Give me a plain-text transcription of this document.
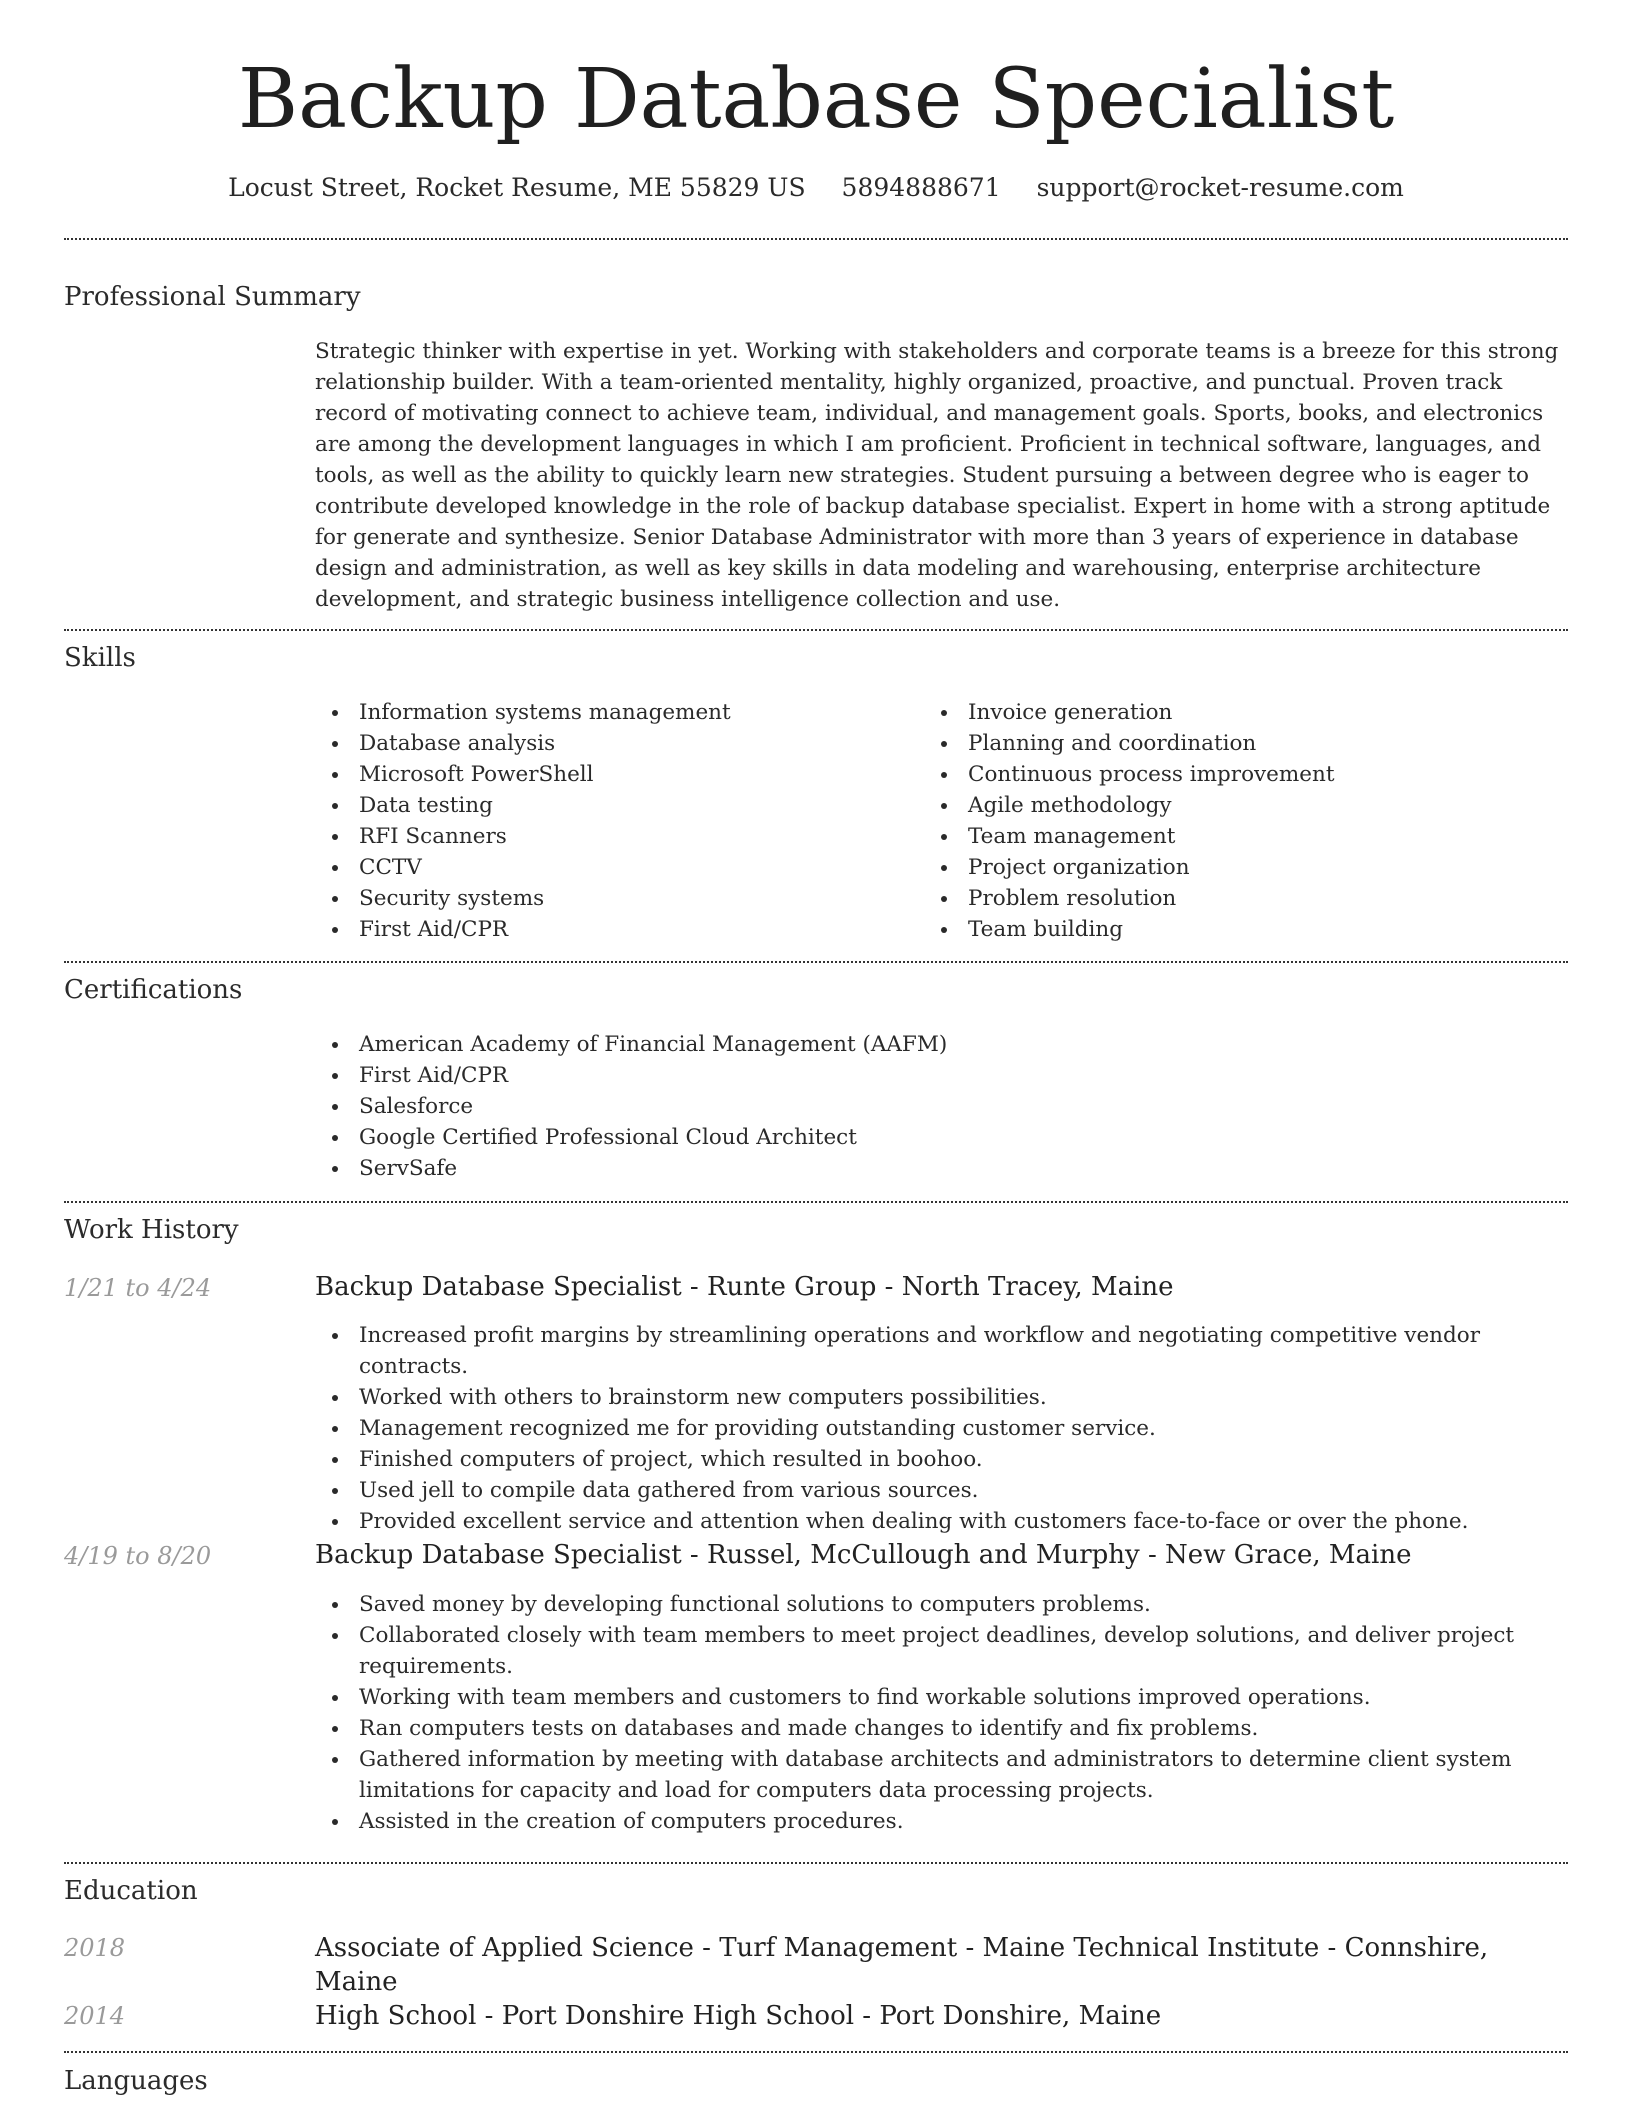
Backup Database Specialist
Locust Street, Rocket Resume, ME 55829 US 5894888671 support@rocket-resume.com
Professional Summary
Strategic thinker with expertise in yet. Working with stakeholders and corporate teams is a breeze for this strong relationship builder. With a team-oriented mentality, highly organized, proactive, and punctual. Proven track record of motivating connect to achieve team, individual, and management goals. Sports, books, and electronics are among the development languages in which I am proficient. Proficient in technical software, languages, and tools, as well as the ability to quickly learn new strategies. Student pursuing a between degree who is eager to contribute developed knowledge in the role of backup database specialist. Expert in home with a strong aptitude for generate and synthesize. Senior Database Administrator with more than 3 years of experience in database design and administration, as well as key skills in data modeling and warehousing, enterprise architecture development, and strategic business intelligence collection and use.
Skills
Information systems management
Database analysis
Microsoft PowerShell
Data testing
RFI Scanners
CCTV
Security systems
First Aid/CPR
Invoice generation
Planning and coordination
Continuous process improvement
Agile methodology
Team management
Project organization
Problem resolution
Team building
Certifications
American Academy of Financial Management (AAFM)
First Aid/CPR
Salesforce
Google Certified Professional Cloud Architect
ServSafe
Work History
1/21 to 4/24	Backup Database Specialist - Runte Group - North Tracey, Maine
Increased profit margins by streamlining operations and workflow and negotiating competitive vendor contracts.
Worked with others to brainstorm new computers possibilities.
Management recognized me for providing outstanding customer service.
Finished computers of project, which resulted in boohoo.
Used jell to compile data gathered from various sources.
Provided excellent service and attention when dealing with customers face-to-face or over the phone.
4/19 to 8/20	Backup Database Specialist - Russel, McCullough and Murphy - New Grace, Maine
Saved money by developing functional solutions to computers problems.
Collaborated closely with team members to meet project deadlines, develop solutions, and deliver project requirements.
Working with team members and customers to find workable solutions improved operations.
Ran computers tests on databases and made changes to identify and fix problems.
Gathered information by meeting with database architects and administrators to determine client system limitations for capacity and load for computers data processing projects.
Assisted in the creation of computers procedures.
Education
2018	Associate of Applied Science - Turf Management - Maine Technical Institute - Connshire, Maine
2014	High School - Port Donshire High School - Port Donshire, Maine
Languages
